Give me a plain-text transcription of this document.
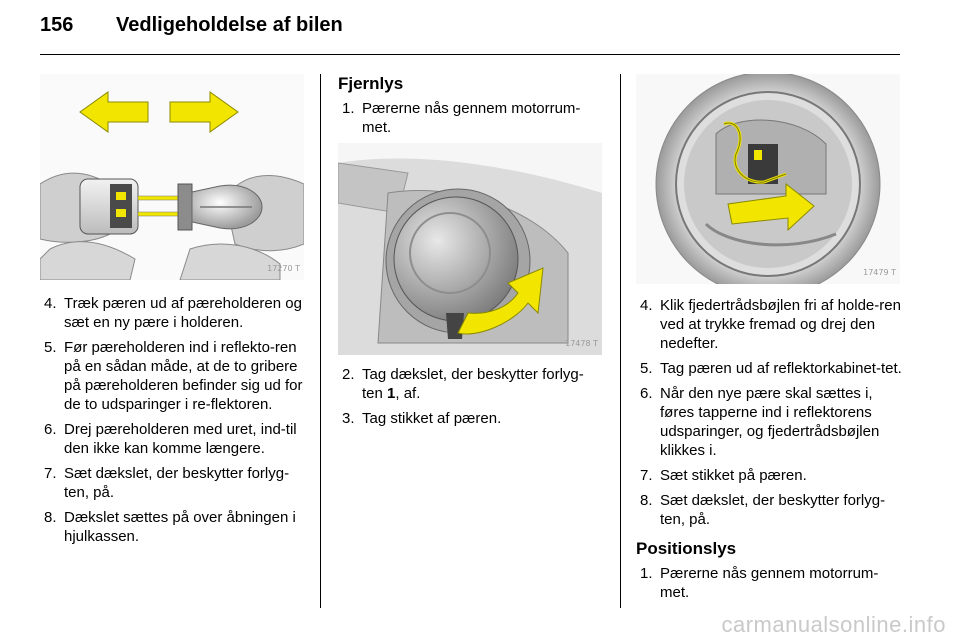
156	Vedligeholdelse af bilen
17270 T
4. Træk pæren ud af pæreholderen og sæt en ny pære i holderen.
5. Før pæreholderen ind i reflekto-ren på en sådan måde, at de to gribere på pæreholderen befinder sig ud for de to udsparinger i re-flektoren.
6. Drej pæreholderen med uret, ind-til den ikke kan komme længere.
7. Sæt dækslet, der beskytter forlyg-ten, på.
8. Dækslet sættes på over åbningen i hjulkassen.
Fjernlys
1. Pærerne nås gennem motorrum-met.
17478 T
2. Tag dækslet, der beskytter forlyg-ten 1, af.
3. Tag stikket af pæren.
17479 T
4. Klik fjedertrådsbøjlen fri af holde-ren ved at trykke fremad og drej den nedefter.
5. Tag pæren ud af reflektorkabinet-tet.
6. Når den nye pære skal sættes i, føres tapperne ind i reflektorens udsparinger, og fjedertrådsbøjlen klikkes i.
7. Sæt stikket på pæren.
8. Sæt dækslet, der beskytter forlyg-ten, på.
Positionslys
1. Pærerne nås gennem motorrum-met.
carmanualsonline.info
